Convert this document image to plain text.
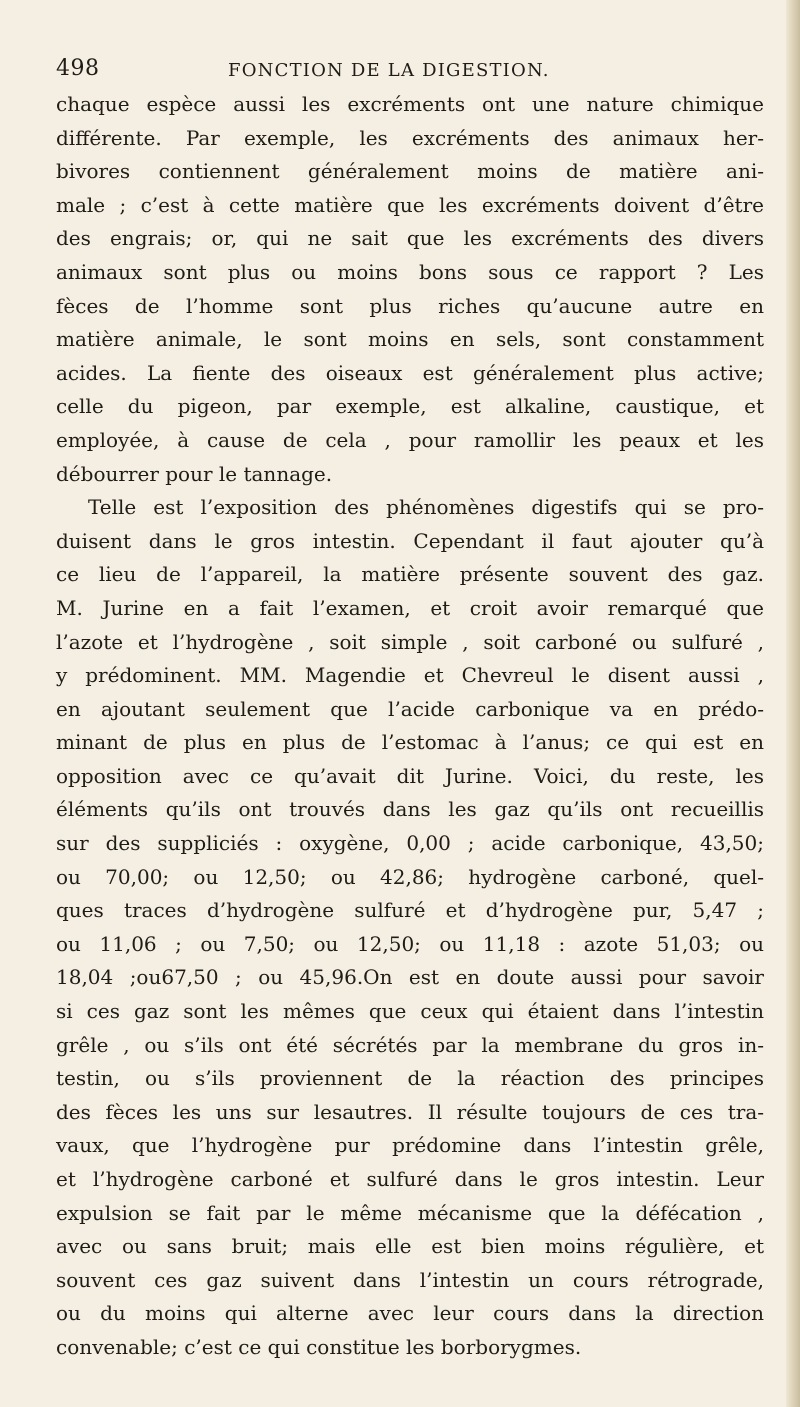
498	FONCTION DE LA DIGESTION.
chaque espèce aussi les excréments ont une nature chimique
différente. Par exemple, les excréments des animaux her-
bivores contiennent généralement moins de matière ani-
male ; c’est à cette matière que les excréments doivent d’être
des engrais; or, qui ne sait que les excréments des divers
animaux sont plus ou moins bons sous ce rapport ? Les
fèces de l’homme sont plus riches qu’aucune autre en
matière animale, le sont moins en sels, sont constamment
acides. La fiente des oiseaux est généralement plus active;
celle du pigeon, par exemple, est alkaline, caustique, et
employée, à cause de cela , pour ramollir les peaux et les
débourrer pour le tannage.
Telle est l’exposition des phénomènes digestifs qui se pro-
duisent dans le gros intestin. Cependant il faut ajouter qu’à
ce lieu de l’appareil, la matière présente souvent des gaz.
M. Jurine en a fait l’examen, et croit avoir remarqué que
l’azote et l’hydrogène , soit simple , soit carboné ou sulfuré ,
y prédominent. MM. Magendie et Chevreul le disent aussi ,
en ajoutant seulement que l’acide carbonique va en prédo-
minant de plus en plus de l’estomac à l’anus; ce qui est en
opposition avec ce qu’avait dit Jurine. Voici, du reste, les
éléments qu’ils ont trouvés dans les gaz qu’ils ont recueillis
sur des suppliciés : oxygène, 0,00 ; acide carbonique, 43,50;
ou 70,00; ou 12,50; ou 42,86; hydrogène carboné, quel-
ques traces d’hydrogène sulfuré et d’hydrogène pur, 5,47 ;
ou 11,06 ; ou 7,50; ou 12,50; ou 11,18 : azote 51,03; ou
18,04 ;ou67,50 ; ou 45,96.On est en doute aussi pour savoir
si ces gaz sont les mêmes que ceux qui étaient dans l’intestin
grêle , ou s’ils ont été sécrétés par la membrane du gros in-
testin, ou s’ils proviennent de la réaction des principes
des fèces les uns sur lesautres. Il résulte toujours de ces tra-
vaux, que l’hydrogène pur prédomine dans l’intestin grêle,
et l’hydrogène carboné et sulfuré dans le gros intestin. Leur
expulsion se fait par le même mécanisme que la défécation ,
avec ou sans bruit; mais elle est bien moins régulière, et
souvent ces gaz suivent dans l’intestin un cours rétrograde,
ou du moins qui alterne avec leur cours dans la direction
convenable; c’est ce qui constitue les borborygmes.
